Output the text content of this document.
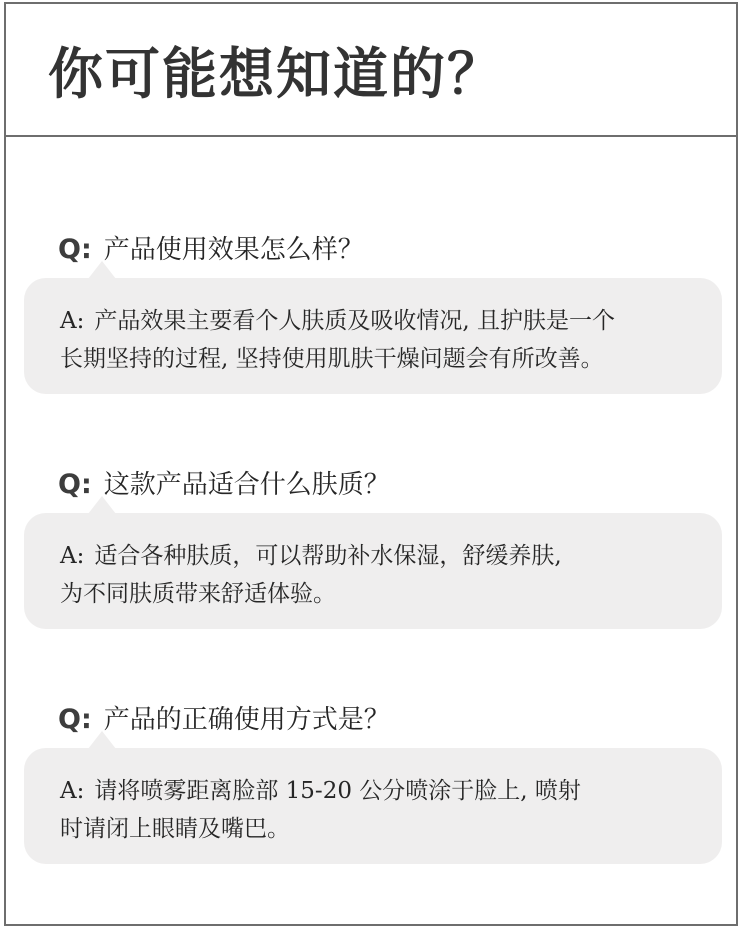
你可能想知道的？
Q: 产品使用效果怎么样？
A: 产品效果主要看个人肤质及吸收情况, 且护肤是一个
长期坚持的过程, 坚持使用肌肤干燥问题会有所改善。
Q: 这款产品适合什么肤质？
A: 适合各种肤质，可以帮助补水保湿，舒缓养肤,
为不同肤质带来舒适体验。
Q: 产品的正确使用方式是？
A: 请将喷雾距离脸部 15-20 公分喷涂于脸上, 喷射
时请闭上眼睛及嘴巴。
